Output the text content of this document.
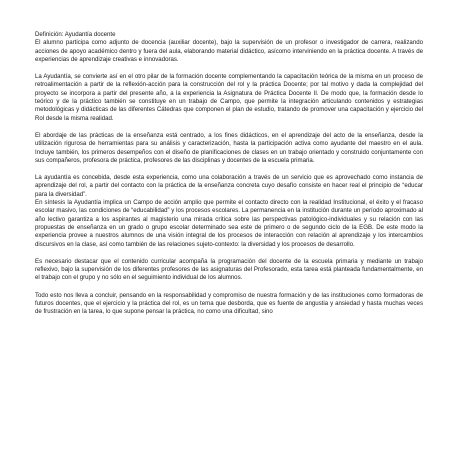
Definición: Ayudantía docente

El alumno participa como adjunto de docencia (auxiliar docente), bajo la supervisión de un profesor o investigador de carrera, realizando acciones de apoyo académico dentro y fuera del aula, elaborando material didáctico, asícomo interviniendo en la práctica docente. A través de experiencias de aprendizaje creativas e innovadoras.

La Ayudantía, se convierte así en el otro pilar de la formación docente complementando la capacitación teórica de la misma en un proceso de retroalimentación a partir de la reflexión-acción para la construcción del rol y la práctica Docente; por tal motivo y dada la complejidad del proyecto se incorpora a partir del presente año, a la experiencia la Asignatura de Práctica Docente II. De modo que, la formación desde lo teórico y de la práctico también se constituye en un trabajo de Campo, que permite la integración articulando contenidos y estrategias metodológicas y didácticas de las diferentes Cátedras que componen el plan de estudio, tratando de promover una capacitación y ejercicio del Rol desde la misma realidad.

El abordaje de las prácticas de la enseñanza está centrado, a los fines didácticos, en el aprendizaje del acto de la enseñanza, desde la utilización rigurosa de herramientas para su análisis y caracterización, hasta la participación activa como ayudante del maestro en el aula. Incluye también, los primeros desempeños con el diseño de planificaciones de clases en un trabajo orientado y construido conjuntamente con sus compañeros, profesora de práctica, profesores de las disciplinas y docentes de la escuela primaria.

La ayudantía es concebida, desde esta experiencia, como una colaboración a través de un servicio que es aprovechado como instancia de aprendizaje del rol, a partir del contacto con la práctica de la enseñanza concreta cuyo desafío consiste en hacer real el principio de “educar para la diversidad”.

En síntesis la Ayudantía implica un Campo de acción amplio que permite el contacto directo con la realidad Institucional, el éxito y el fracaso escolar masivo, las condiciones de “educabilidad” y los procesos escolares. La permanencia en la institución durante un período aproximado al año lectivo garantiza a los aspirantes al magisterio una mirada crítica sobre las perspectivas patológico-individuales y su relación con las propuestas de enseñanza en un grado o grupo escolar determinado sea este de primero o de segundo ciclo de la EGB. De este modo la experiencia provee a nuestros alumnos de una visión integral de los procesos de interacción con relación al aprendizaje y los intercambios discursivos en la clase, así como también de las relaciones sujeto-contexto: la diversidad y los procesos de desarrollo.

Es necesario destacar que el contenido curricular acompaña la programación del docente de la escuela primaria y mediante un trabajo reflexivo, bajo la supervisión de los diferentes profesores de las asignaturas del Profesorado, esta tarea está planteada fundamentalmente, en el trabajo con el grupo y no sólo en el seguimiento individual de los alumnos.

Todo esto nos lleva a concluir, pensando en la responsabilidad y compromiso de nuestra formación y de las instituciones como formadoras de futuros docentes, que el ejercicio y la práctica del rol, es un tema que desborda, que es fuente de angustia y ansiedad y hasta muchas veces de frustración en la tarea, lo que supone pensar la práctica, no como una dificultad, sino
